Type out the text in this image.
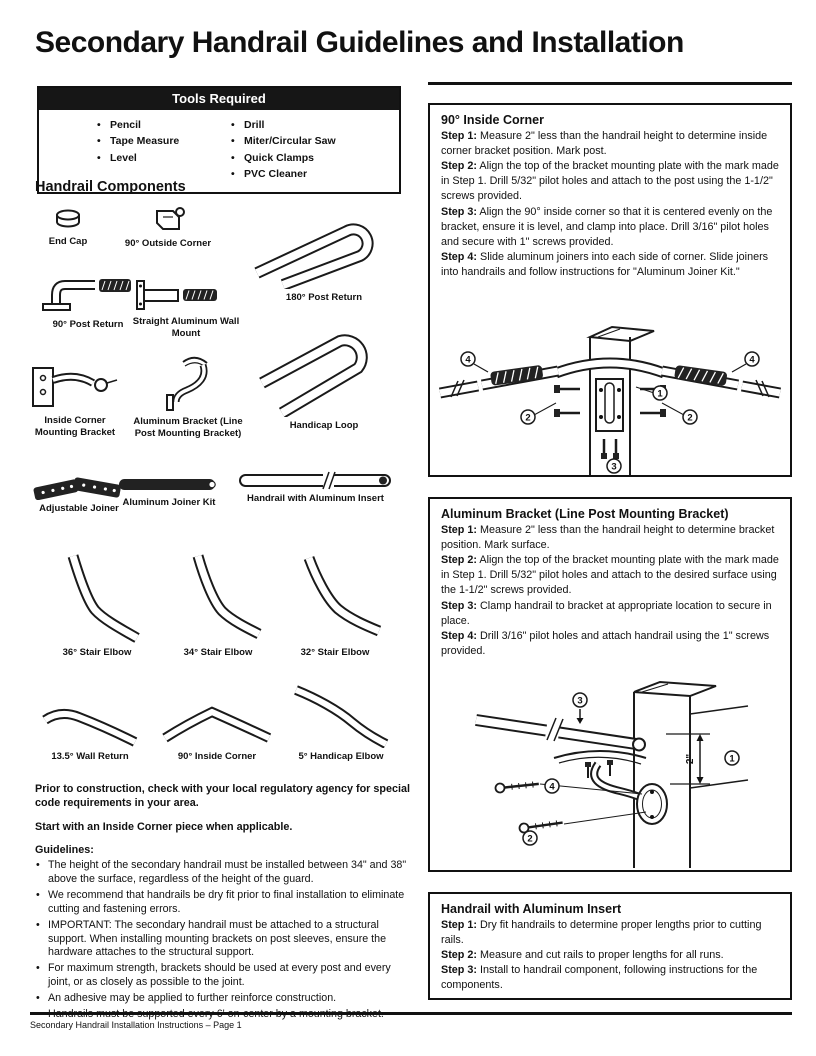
Secondary Handrail Guidelines and Installation
Tools Required
• Pencil
• Tape Measure
• Level
• Drill
• Miter/Circular Saw
• Quick Clamps
• PVC Cleaner
Handrail Components
End Cap	90° Outside Corner
180° Post Return
90° Post Return Straight Aluminum Wall Mount
Inside Corner Mounting Bracket
Aluminum Bracket (Line Post Mounting Bracket)
Handicap Loop
Adjustable Joiner
Aluminum Joiner Kit	Handrail with Aluminum Insert
36° Stair Elbow	34° Stair Elbow	32° Stair Elbow
13.5° Wall Return	90° Inside Corner	5° Handicap Elbow

Prior to construction, check with your local regulatory agency for special code requirements in your area.

Start with an Inside Corner piece when applicable.

Guidelines:

• The height of the secondary handrail must be installed between 34" and 38" above the surface, regardless of the height of the guard.
• We recommend that handrails be dry fit prior to final installation to eliminate cutting and fastening errors.
• IMPORTANT: The secondary handrail must be attached to a structural support. When installing mounting brackets on post sleeves, ensure the hardware attaches to the structural support.
• For maximum strength, brackets should be used at every post and every joint, or as closely as possible to the joint.
• An adhesive may be applied to further reinforce construction.
•
90° Inside Corner

Step 1: Measure 2" less than the handrail height to determine inside corner bracket position. Mark post.

Step 2: Align the top of the bracket mounting plate with the mark made in Step 1. Drill 5/32" pilot holes and attach to the post using the 1-1/2" screws provided.

Step 3: Align the 90° inside corner so that it is centered evenly on the bracket, ensure it is level, and clamp into place. Drill 3/16" pilot holes and secure with 1" screws provided.

Step 4: Slide aluminum joiners into each side of corner. Slide joiners into handrails and follow instructions for "Aluminum Joiner Kit."

4	4
2	2
1
3
Aluminum Bracket (Line Post Mounting Bracket)

Step 1: Measure 2" less than the handrail height to determine bracket position. Mark surface.

Step 2: Align the top of the bracket mounting plate with the mark made in Step 1. Drill 5/32" pilot holes and attach to the desired surface using the 1-1/2" screws provided.

Step 3: Clamp handrail to bracket at appropriate location to secure in place.

Step 4: Drill 3/16" pilot holes and attach handrail using the 1" screws provided.

2"
3
1
4
2
Handrail with Aluminum Insert

Step 1: Dry fit handrails to determine proper lengths prior to cutting rails.

Step 2: Measure and cut rails to proper lengths for all runs.

Step 3: Install to handrail component, following instructions for the components.

Secondary Handrail Installation Instructions – Page 1
